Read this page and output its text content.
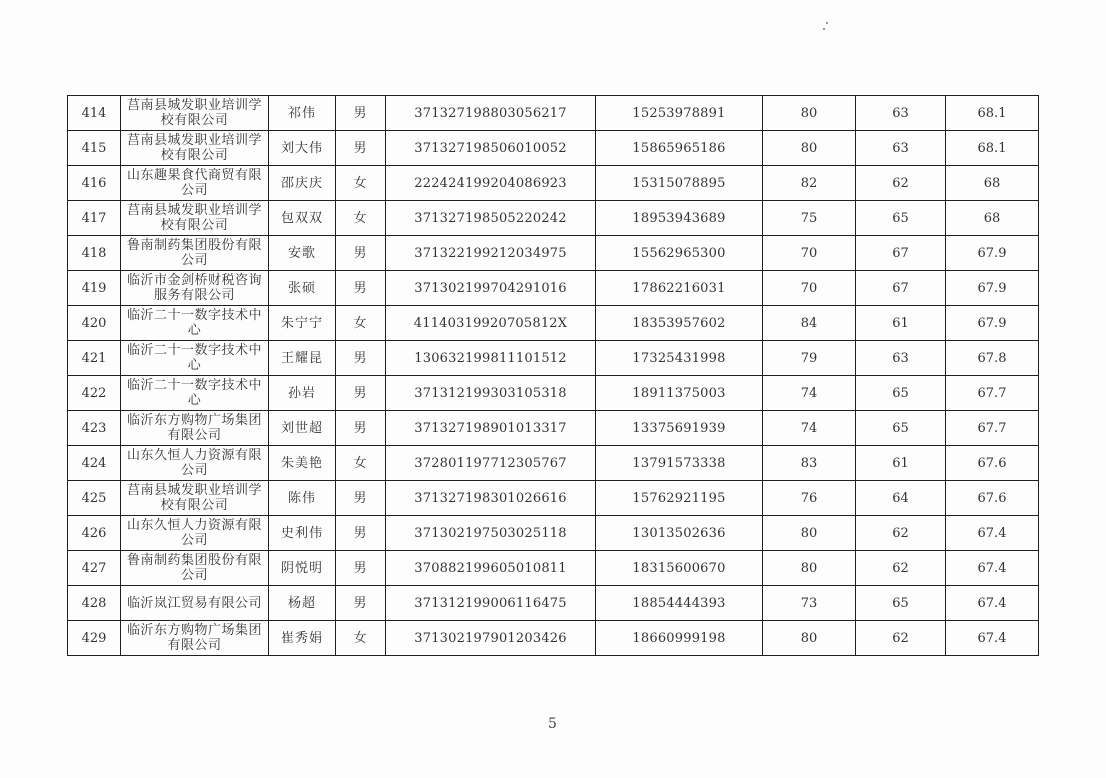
414	莒南县城发职业培训学校有限公司	祁伟	男	371327198803056217	15253978891	80	63	68.1
415	莒南县城发职业培训学校有限公司	刘大伟	男	371327198506010052	15865965186	80	63	68.1
416	山东趣果食代商贸有限公司	邵庆庆	女	222424199204086923	15315078895	82	62	68
417	莒南县城发职业培训学校有限公司	包双双	女	371327198505220242	18953943689	75	65	68
418	鲁南制药集团股份有限公司	安歌	男	371322199212034975	15562965300	70	67	67.9
419	临沂市金剑桥财税咨询服务有限公司	张硕	男	371302199704291016	17862216031	70	67	67.9
420	临沂二十一数字技术中心	朱宁宁	女	41140319920705812X	18353957602	84	61	67.9
421	临沂二十一数字技术中心	王耀昆	男	130632199811101512	17325431998	79	63	67.8
422	临沂二十一数字技术中心	孙岩	男	371312199303105318	18911375003	74	65	67.7
423	临沂东方购物广场集团有限公司	刘世超	男	371327198901013317	13375691939	74	65	67.7
424	山东久恒人力资源有限公司	朱美艳	女	372801197712305767	13791573338	83	61	67.6
425	莒南县城发职业培训学校有限公司	陈伟	男	371327198301026616	15762921195	76	64	67.6
426	山东久恒人力资源有限公司	史利伟	男	371302197503025118	13013502636	80	62	67.4
427	鲁南制药集团股份有限公司	阴悦明	男	370882199605010811	18315600670	80	62	67.4
428	临沂岚江贸易有限公司	杨超	男	371312199006116475	18854444393	73	65	67.4
429	临沂东方购物广场集团有限公司	崔秀娟	女	371302197901203426	18660999198	80	62	67.4
5
